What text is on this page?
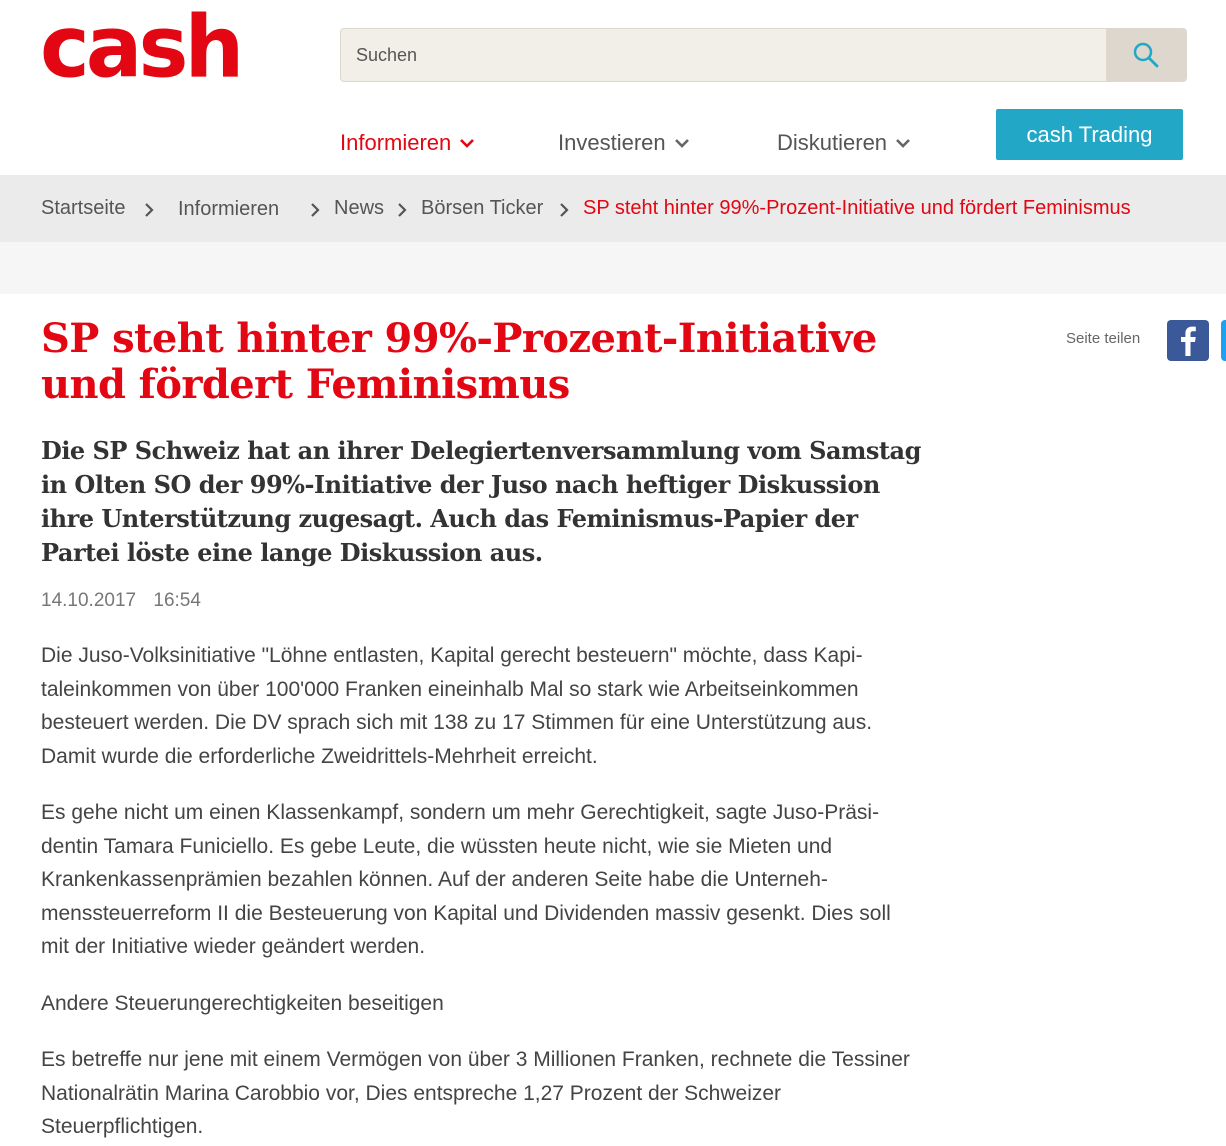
cash
Suchen
Informieren	Investieren	Diskutieren	cash Trading
Startseite	Informieren	News Börsen Ticker SP steht hinter 99%-Prozent-Initiative und fördert Feminismus
SP steht hinter 99%-Prozent-Initiative und fördert Feminismus

Die SP Schweiz hat an ihrer Delegiertenversammlung vom Samstag in Olten SO der 99%-Initiative der Juso nach heftiger Diskussion ihre Unterstützung zugesagt. Auch das Feminismus-Papier der Partei löste eine lange Diskussion aus.

14.10.2017 16:54

Die Juso-Volksinitiative "Löhne entlasten, Kapital gerecht besteuern" möchte, dass Kapitaleinkommen von über 100'000 Franken eineinhalb Mal so stark wie Arbeitseinkommen besteuert werden. Die DV sprach sich mit 138 zu 17 Stimmen für eine Unterstützung aus. Damit wurde die erforderliche Zweidrittels-Mehrheit erreicht.

Es gehe nicht um einen Klassenkampf, sondern um mehr Gerechtigkeit, sagte Juso-Präsidentin Tamara Funiciello. Es gebe Leute, die wüssten heute nicht, wie sie Mieten und Krankenkassenprämien bezahlen können. Auf der anderen Seite habe die Unternehmenssteuerreform II die Besteuerung von Kapital und Dividenden massiv gesenkt. Dies soll mit der Initiative wieder geändert werden.

Andere Steuerungerechtigkeiten beseitigen

Es betreffe nur jene mit einem Vermögen von über 3 Millionen Franken, rechnete die Tessiner Nationalrätin Marina Carobbio vor, Dies entspreche 1,27 Prozent der Schweizer Steuerpflichtigen.

Seite teilen
